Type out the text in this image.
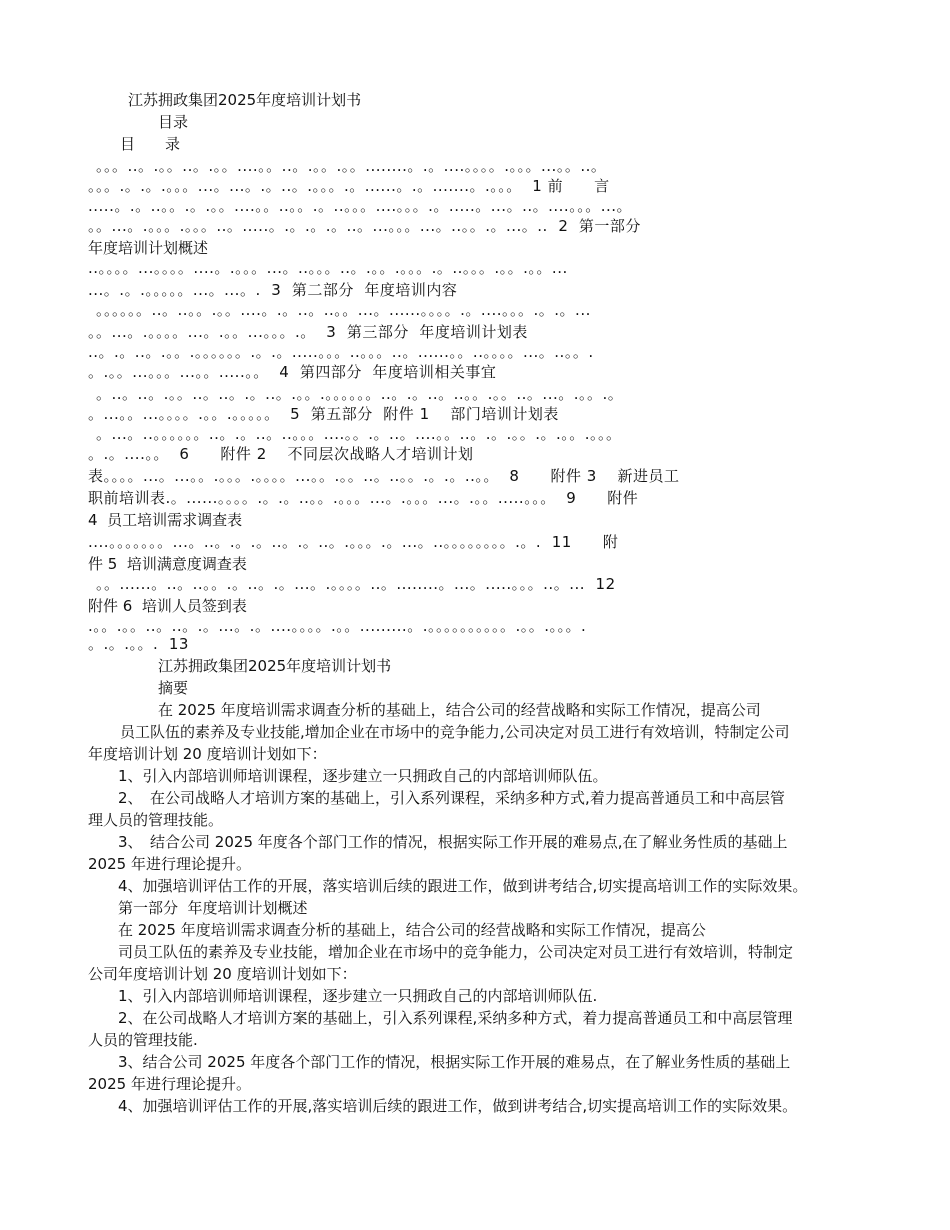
江苏拥政集团2025年度培训计划书
目录
目　　录
。。。..。.。。..。.。。....。。..。.。。.。。........。.。....。。。。.。。。...。。..。
。。。.。.。.。。。...。...。.。..。.。。。.。......。.。.......。.。。。  1 前　　言
.....。.。..。。.。.。。....。。..。。.。..。。。....。。。.。.....。...。..。....。。。...。
。。...。.。。。.。。。..。.....。.。.。.。..。...。。。...。..。。.。...。..  2  第一部分
年度培训计划概述
..。。。。...。。。。....。.。。。...。..。。。..。.。。.。。。.。..。。。.。。.。。...
...。.。.。。。。。...。...。.  3  第二部分  年度培训内容
。。。。。。..。..。。.。。....。.。..。..。。...。......。。。。.。....。。。.。.。...
。。...。.。。。。...。.。。...。。。.。  3  第三部分  年度培训计划表
..。.。..。.。。.。。。。。。.。.。.....。。。..。。。..。......。。..。。。。...。..。。.
。.。。...。。。...。。.....。。  4  第四部分  年度培训相关事宜
。..。..。.。。..。..。.。..。.。。.。。。。。。..。.。..。..。。.。。..。...。.。。.。
。...。。...。。。。.。。.。。。。。  5  第五部分  附件 1　 部门培训计划表
。...。..。。。。。。..。.。..。..。。。....。。.。..。....。。..。.。.。。.。.。。.。。。
。.。....。。  6　　附件 2　 不同层次战略人才培训计划
表。。。。...。...。。.。。。.。。。。...。。.。。..。..。。.。.。..。。  8　　附件 3　 新进员工
职前培训表.。......。。。。.。.。..。。.。。。...。.。。。...。.。。.....。。。  9　　附件
4  员工培训需求调查表
....。。。。。。。...。..。.。.。..。.。..。.。。。.。...。..。。。。。。。。.。.  11　　附
件 5  培训满意度调查表
。。......。..。..。。.。..。.。...。.。。。。..。........。...。.....。。。..。...  12
附件 6  培训人员签到表
.。。.。。..。..。.。...。.。....。。。。.。。.........。.。。。。。。。。。。.。。.。。。.
。.。.。。.  13
江苏拥政集团2025年度培训计划书
摘要
在 2025 年度培训需求调查分析的基础上，结合公司的经营战略和实际工作情况，提高公司
员工队伍的素养及专业技能,增加企业在市场中的竞争能力,公司决定对员工进行有效培训，特制定公司
年度培训计划 20 度培训计划如下：
1、引入内部培训师培训课程，逐步建立一只拥政自己的内部培训师队伍。
2、　在公司战略人才培训方案的基础上，引入系列课程，采纳多种方式,着力提高普通员工和中高层管
理人员的管理技能。
3、　结合公司 2025 年度各个部门工作的情况，根据实际工作开展的难易点,在了解业务性质的基础上
2025 年进行理论提升。
4、加强培训评估工作的开展，落实培训后续的跟进工作，做到讲考结合,切实提高培训工作的实际效果。
第一部分  年度培训计划概述
在 2025 年度培训需求调查分析的基础上，结合公司的经营战略和实际工作情况，提高公
司员工队伍的素养及专业技能，增加企业在市场中的竞争能力，公司决定对员工进行有效培训，特制定
公司年度培训计划 20 度培训计划如下：
1、引入内部培训师培训课程，逐步建立一只拥政自己的内部培训师队伍.
2、在公司战略人才培训方案的基础上，引入系列课程,采纳多种方式，着力提高普通员工和中高层管理
人员的管理技能.
3、结合公司 2025 年度各个部门工作的情况，根据实际工作开展的难易点，在了解业务性质的基础上
2025 年进行理论提升。
4、加强培训评估工作的开展,落实培训后续的跟进工作，做到讲考结合,切实提高培训工作的实际效果。
